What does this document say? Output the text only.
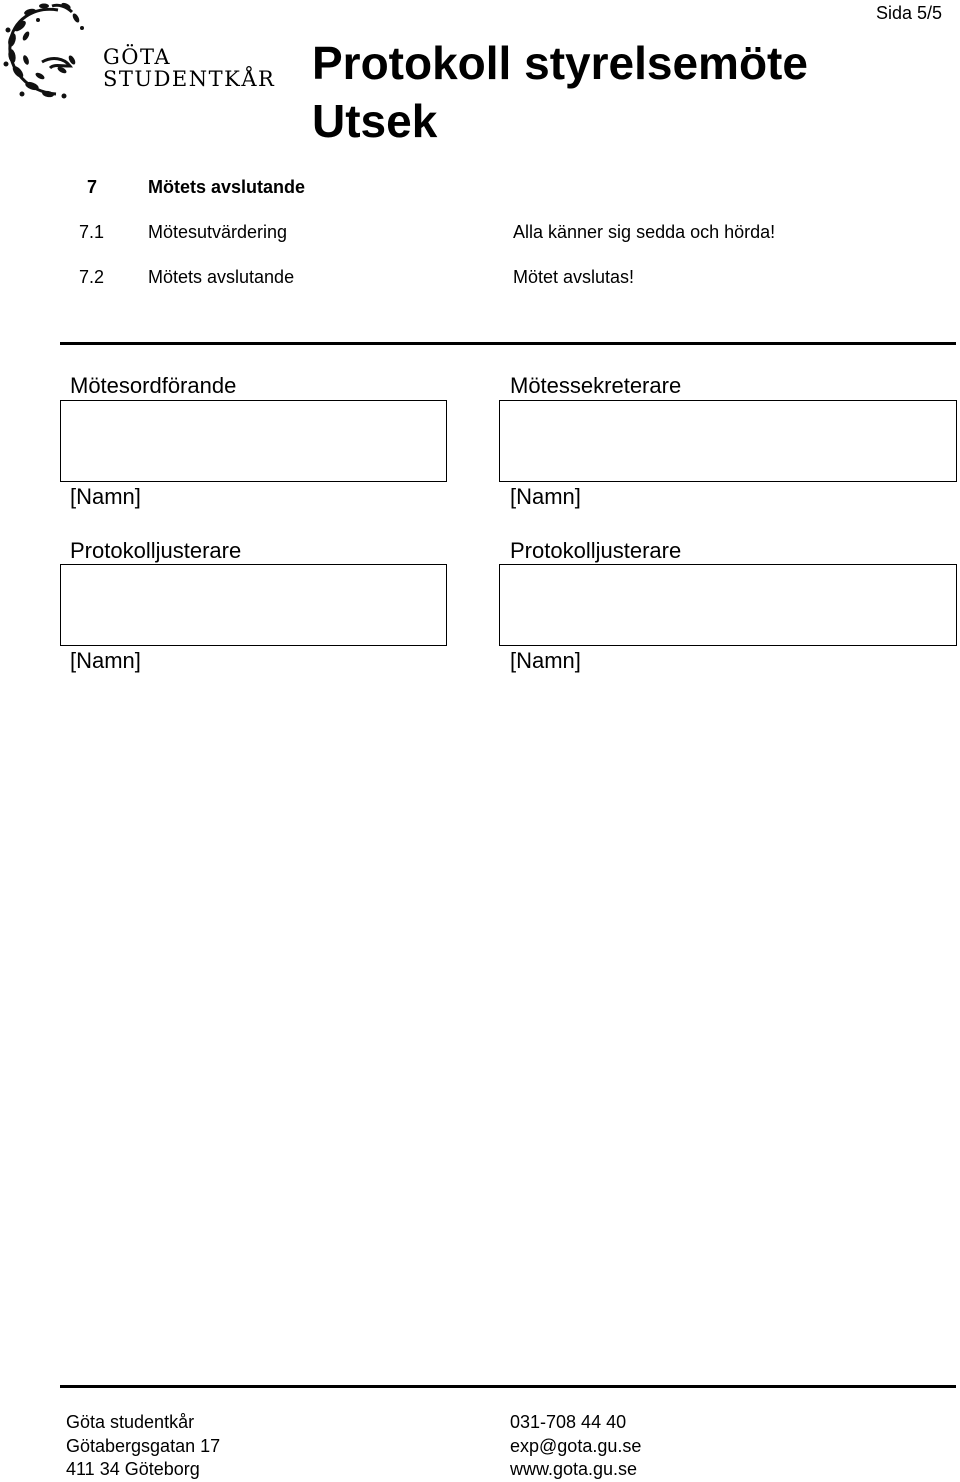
GÖTA
STUDENTKÅR
Sida 5/5
Protokoll styrelsemöte
Utsek
7	Mötets avslutande
7.1 Mötesutvärdering	Alla känner sig sedda och hörda!
7.2 Mötets avslutande	Mötet avslutas!
Mötesordförande
[Namn]
Mötessekreterare
[Namn]
Protokolljusterare
[Namn]
Protokolljusterare
[Namn]
Göta studentkår
Götabergsgatan 17
411 34 Göteborg
031-708 44 40
exp@gota.gu.se
www.gota.gu.se
